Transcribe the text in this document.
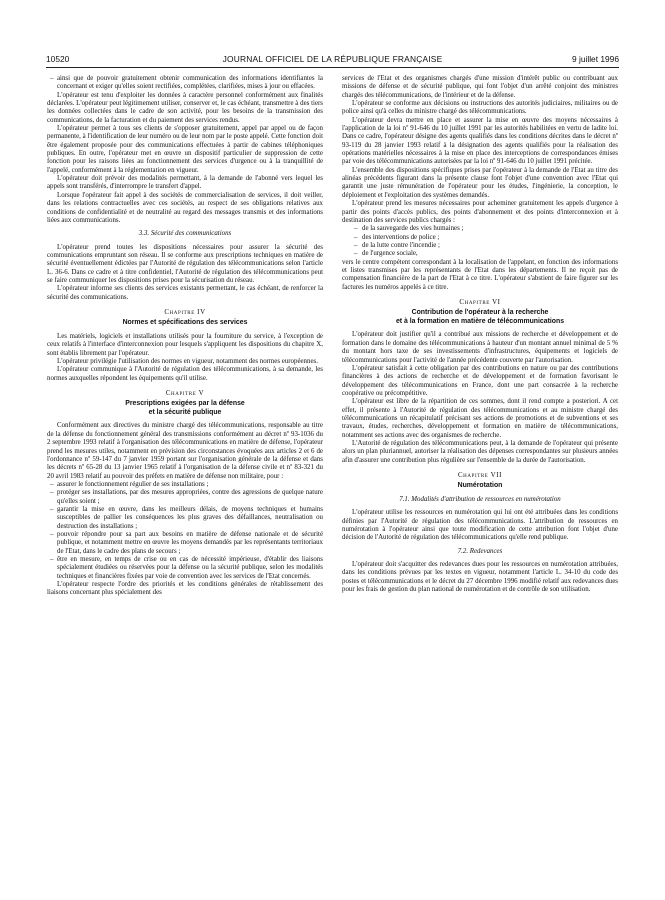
10520	JOURNAL OFFICIEL DE LA RÉPUBLIQUE FRANÇAISE	9 juillet 1996
– ainsi que de pouvoir gratuitement obtenir communication des informations identifiantes la concernant et exiger qu'elles soient rectifiées, complétées, clarifiées, mises à jour ou effacées.

L'opérateur est tenu d'exploiter les données à caractère personnel conformément aux finalités déclarées. L'opérateur peut légitimement utiliser, conserver et, le cas échéant, transmettre à des tiers les données collectées dans le cadre de son activité, pour les besoins de la transmission des communications, de la facturation et du paiement des services rendus.

L'opérateur permet à tous ses clients de s'opposer gratuitement, appel par appel ou de façon permanente, à l'identification de leur numéro ou de leur nom par le poste appelé. Cette fonction doit être également proposée pour des communications effectuées à partir de cabines téléphoniques publiques. En outre, l'opérateur met en œuvre un dispositif particulier de suppression de cette fonction pour les raisons liées au fonctionnement des services d'urgence ou à la tranquillité de l'appelé, conformément à la réglementation en vigueur.

L'opérateur doit prévoir des modalités permettant, à la demande de l'abonné vers lequel les appels sont transférés, d'interrompre le transfert d'appel.

Lorsque l'opérateur fait appel à des sociétés de commercialisation de services, il doit veiller, dans les relations contractuelles avec ces sociétés, au respect de ses obligations relatives aux conditions de confidentialité et de neutralité au regard des messages transmis et des informations liées aux communications.

3.3. Sécurité des communications

L'opérateur prend toutes les dispositions nécessaires pour assurer la sécurité des communications empruntant son réseau. Il se conforme aux prescriptions techniques en matière de sécurité éventuellement édictées par l'Autorité de régulation des télécommunications selon l'article L. 36-6. Dans ce cadre et à titre confidentiel, l'Autorité de régulation des télécommunications peut se faire communiquer les dispositions prises pour la sécurisation du réseau.

L'opérateur informe ses clients des services existants permettant, le cas échéant, de renforcer la sécurité des communications.

Chapitre IV
Normes et spécifications des services

Les matériels, logiciels et installations utilisés pour la fourniture du service, à l'exception de ceux relatifs à l'interface d'interconnexion pour lesquels s'appliquent les dispositions du chapitre X, sont établis librement par l'opérateur.

L'opérateur privilégie l'utilisation des normes en vigueur, notamment des normes européennes.

L'opérateur communique à l'Autorité de régulation des télécommunications, à sa demande, les normes auxquelles répondent les équipements qu'il utilise.

Chapitre V
Prescriptions exigées par la défense
et la sécurité publique

Conformément aux directives du ministre chargé des télécommunications, responsable au titre de la défense du fonctionnement général des transmissions conformément au décret nº 93-1036 du 2 septembre 1993 relatif à l'organisation des télécommunications en matière de défense, l'opérateur prend les mesures utiles, notamment en prévision des circonstances évoquées aux articles 2 et 6 de l'ordonnance nº 59-147 du 7 janvier 1959 portant sur l'organisation générale de la défense et dans les décrets nº 65-28 du 13 janvier 1965 relatif à l'organisation de la défense civile et nº 83-321 du 20 avril 1983 relatif au pouvoir des préfets en matière de défense non militaire, pour :

– assurer le fonctionnement régulier de ses installations ;
– protéger ses installations, par des mesures appropriées, contre des agressions de quelque nature qu'elles soient ;
– garantir la mise en œuvre, dans les meilleurs délais, de moyens techniques et humains susceptibles de pallier les conséquences les plus graves des défaillances, neutralisation ou destruction des installations ;
– pouvoir répondre pour sa part aux besoins en matière de défense nationale et de sécurité publique, et notamment mettre en œuvre les moyens demandés par les représentants territoriaux de l'Etat, dans le cadre des plans de secours ;
– être en mesure, en temps de crise ou en cas de nécessité impérieuse, d'établir des liaisons spécialement étudiées ou réservées pour la défense ou la sécurité publique, selon les modalités techniques et financières fixées par voie de convention avec les services de l'Etat concernés.

L'opérateur respecte l'ordre des priorités et les conditions générales de rétablissement des liaisons concernant plus spécialement des

services de l'Etat et des organismes chargés d'une mission d'intérêt public ou contribuant aux missions de défense et de sécurité publique, qui font l'objet d'un arrêté conjoint des ministres chargés des télécommunications, de l'intérieur et de la défense.

L'opérateur se conforme aux décisions ou instructions des autorités judiciaires, militaires ou de police ainsi qu'à celles du ministre chargé des télécommunications.

L'opérateur devra mettre en place et assurer la mise en œuvre des moyens nécessaires à l'application de la loi nº 91-646 du 10 juillet 1991 par les autorités habilitées en vertu de ladite loi. Dans ce cadre, l'opérateur désigne des agents qualifiés dans les conditions décrites dans le décret nº 93-119 du 28 janvier 1993 relatif à la désignation des agents qualifiés pour la réalisation des opérations matérielles nécessaires à la mise en place des interceptions de correspondances émises par voie des télécommunications autorisées par la loi nº 91-646 du 10 juillet 1991 précitée.

L'ensemble des dispositions spécifiques prises par l'opérateur à la demande de l'Etat au titre des alinéas précédents figurant dans la présente clause font l'objet d'une convention avec l'Etat qui garantit une juste rémunération de l'opérateur pour les études, l'ingénierie, la conception, le déploiement et l'exploitation des systèmes demandés.

L'opérateur prend les mesures nécessaires pour acheminer gratuitement les appels d'urgence à partir des points d'accès publics, des points d'abonnement et des points d'interconnexion et à destination des services publics chargés :

– de la sauvegarde des vies humaines ;
– des interventions de police ;
– de la lutte contre l'incendie ;
– de l'urgence sociale,

vers le centre compétent correspondant à la localisation de l'appelant, en fonction des informations et listes transmises par les représentants de l'Etat dans les départements. Il ne reçoit pas de compensation financière de la part de l'Etat à ce titre. L'opérateur s'abstient de faire figurer sur les factures les numéros appelés à ce titre.

Chapitre VI
Contribution de l'opérateur à la recherche
et à la formation en matière de télécommunications

L'opérateur doit justifier qu'il a contribué aux missions de recherche et développement et de formation dans le domaine des télécommunications à hauteur d'un montant annuel minimal de 5 % du montant hors taxe de ses investissements d'infrastructures, équipements et logiciels de télécommunications pour l'activité de l'année précédente couverte par l'autorisation.

L'opérateur satisfait à cette obligation par des contributions en nature ou par des contributions financières à des actions de recherche et de développement et de formation favorisant le développement des télécommunications en France, dont une part consacrée à la recherche coopérative ou précompétitive.

L'opérateur est libre de la répartition de ces sommes, dont il rend compte a posteriori. A cet effet, il présente à l'Autorité de régulation des télécommunications et au ministre chargé des télécommunications un récapitulatif précisant ses actions de promotions et de subventions et ses travaux, études, recherches, développement et formation en matière de télécommunications, notamment ses actions avec des organismes de recherche.

L'Autorité de régulation des télécommunications peut, à la demande de l'opérateur qui présente alors un plan pluriannuel, autoriser la réalisation des dépenses correspondantes sur plusieurs années afin d'assurer une contribution plus régulière sur l'ensemble de la durée de l'autorisation.

Chapitre VII
Numérotation
7.1. Modalités d'attribution de ressources en numérotation

L'opérateur utilise les ressources en numérotation qui lui ont été attribuées dans les conditions définies par l'Autorité de régulation des télécommunications. L'attribution de ressources en numérotation à l'opérateur ainsi que toute modification de cette attribution font l'objet d'une décision de l'Autorité de régulation des télécommunications qu'elle rend publique.

7.2. Redevances

L'opérateur doit s'acquitter des redevances dues pour les ressources en numérotation attribuées, dans les conditions prévues par les textes en vigueur, notamment l'article L. 34-10 du code des postes et télécommunications et le décret du 27 décembre 1996 modifié relatif aux redevances dues pour les frais de gestion du plan national de numérotation et de contrôle de son utilisation.
